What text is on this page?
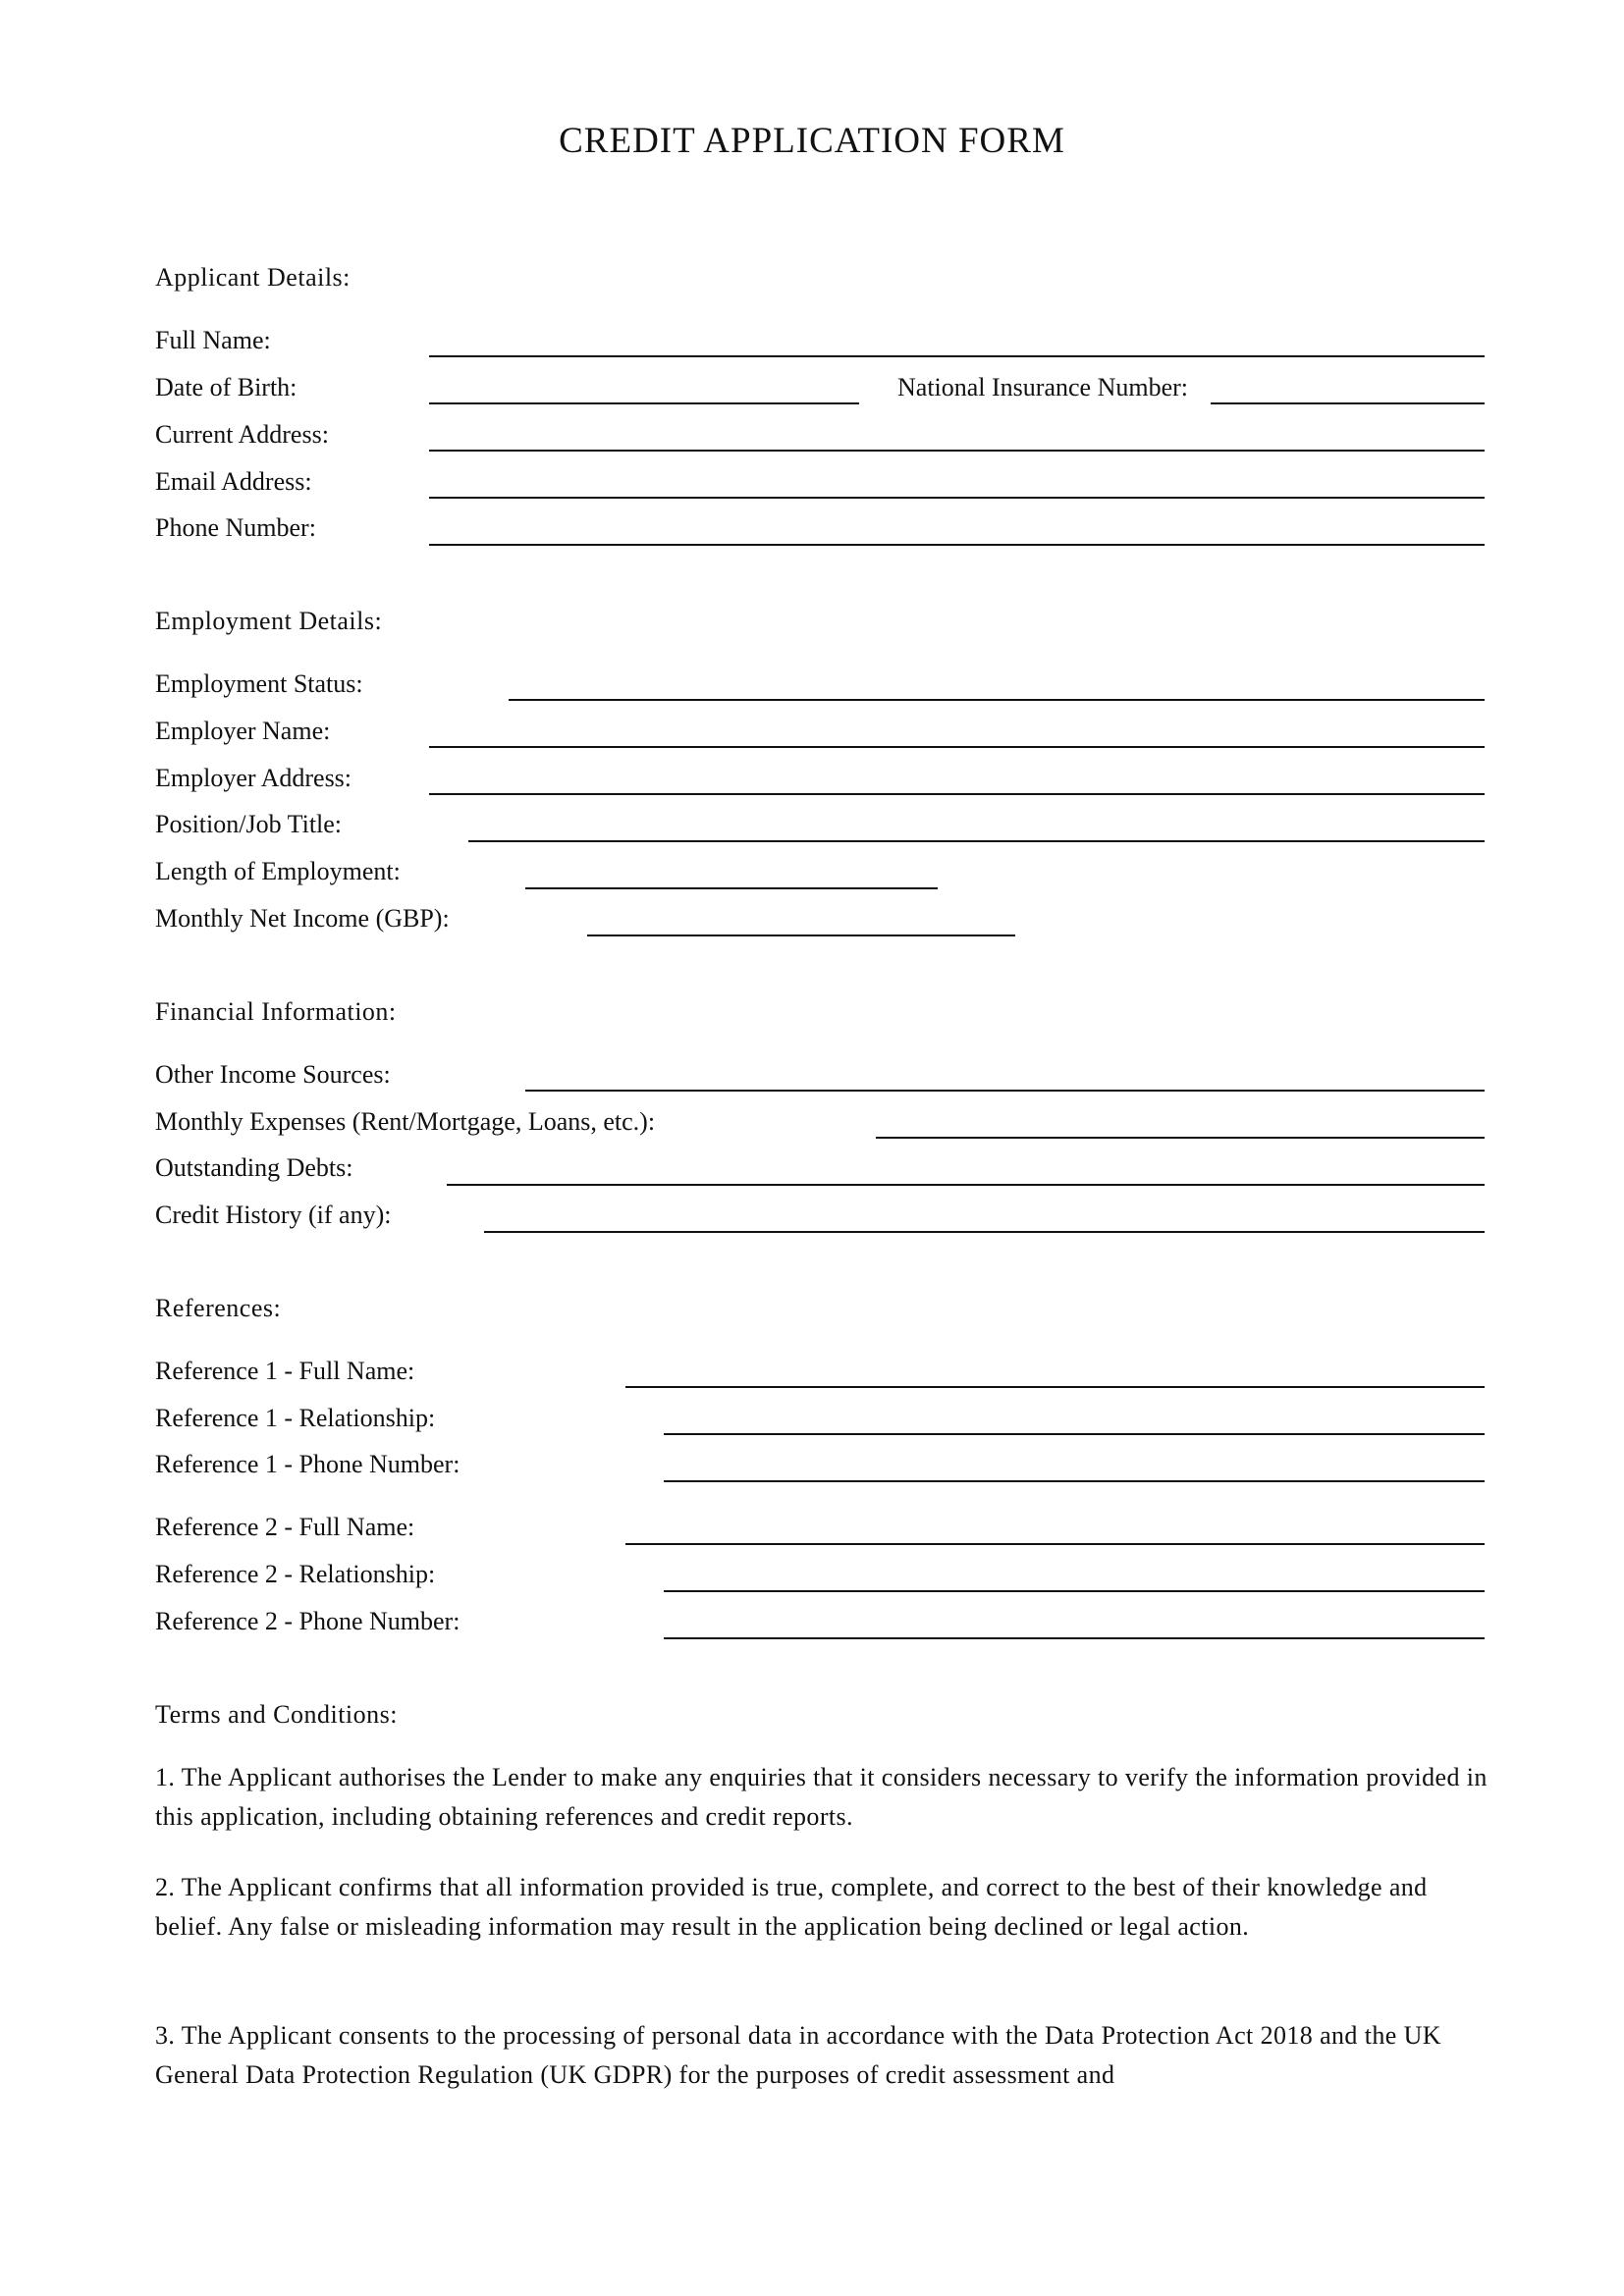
CREDIT APPLICATION FORM
Applicant Details:
Full Name:
Date of Birth:	National Insurance Number:
Current Address:
Email Address:
Phone Number:
Employment Details:
Employment Status:
Employer Name:
Employer Address:
Position/Job Title:
Length of Employment:
Monthly Net Income (GBP):
Financial Information:
Other Income Sources:
Monthly Expenses (Rent/Mortgage, Loans, etc.):
Outstanding Debts:
Credit History (if any):
References:
Reference 1 - Full Name:
Reference 1 - Relationship:
Reference 1 - Phone Number:
Reference 2 - Full Name:
Reference 2 - Relationship:
Reference 2 - Phone Number:
Terms and Conditions:
1. The Applicant authorises the Lender to make any enquiries that it considers necessary to verify the information provided in this application, including obtaining references and credit reports.
2. The Applicant confirms that all information provided is true, complete, and correct to the best of their knowledge and belief. Any false or misleading information may result in the application being declined or legal action.
3. The Applicant consents to the processing of personal data in accordance with the Data Protection Act 2018 and the UK General Data Protection Regulation (UK GDPR) for the purposes of credit assessment and
